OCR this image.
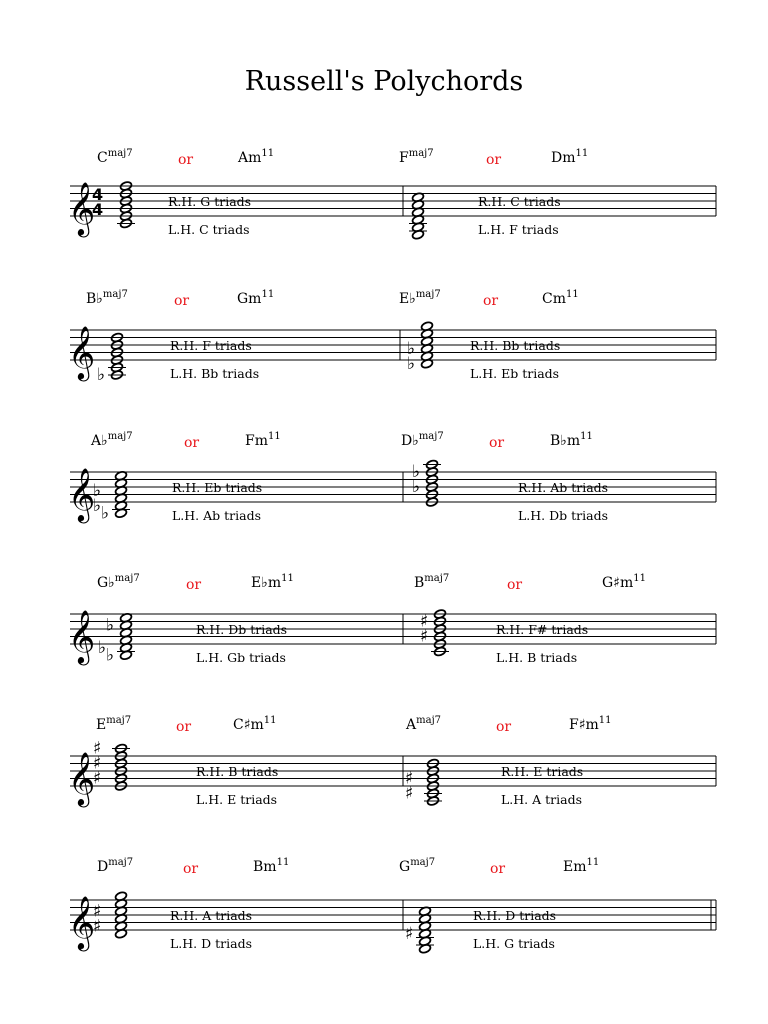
Russell's Polychords
𝄞
4
4
𝄞 ♭
♭
♭
𝄞 ♭
♭
♭	♭
♭
𝄞 ♭
♭
♭
♯
♯
𝄞
♯
♯
♯
♯
♯
𝄞
♯
♯
♯
$C^{maj7}$	or	Am$^{11}$
R.H. G triads
L.H. C triads
$F^{maj7}$	or	Dm$^{11}$
R.H. C triads
L.H. F triads
B♭$^{maj7}$	or	Gm$^{11}$
R.H. F triads
L.H. Bb triads
E♭$^{maj7}$	or	Cm$^{11}$
R.H. Bb triads
L.H. Eb triads
A♭$^{maj7}$	or	Fm$^{11}$
R.H. Eb triads
L.H. Ab triads
D♭$^{maj7}$	or	$B♭m^{11}$
R.H. Ab triads
L.H. Db triads
G♭$^{maj7}$	or	$E♭m^{11}$
R.H. Db triads
L.H. Gb triads
$B^{maj7}$	or	$G♯m^{11}$
R.H. F# triads
L.H. B triads
$E^{maj7}$	or	$C♯m^{11}$
R.H. B triads
L.H. E triads
$A^{maj7}$	or	$F♯m^{11}$
R.H. E triads
L.H. A triads
$D^{maj7}$	or	Bm$^{11}$
R.H. A triads
L.H. D triads
$G^{maj7}$	or	Em$^{11}$
R.H. D triads
L.H. G triads
